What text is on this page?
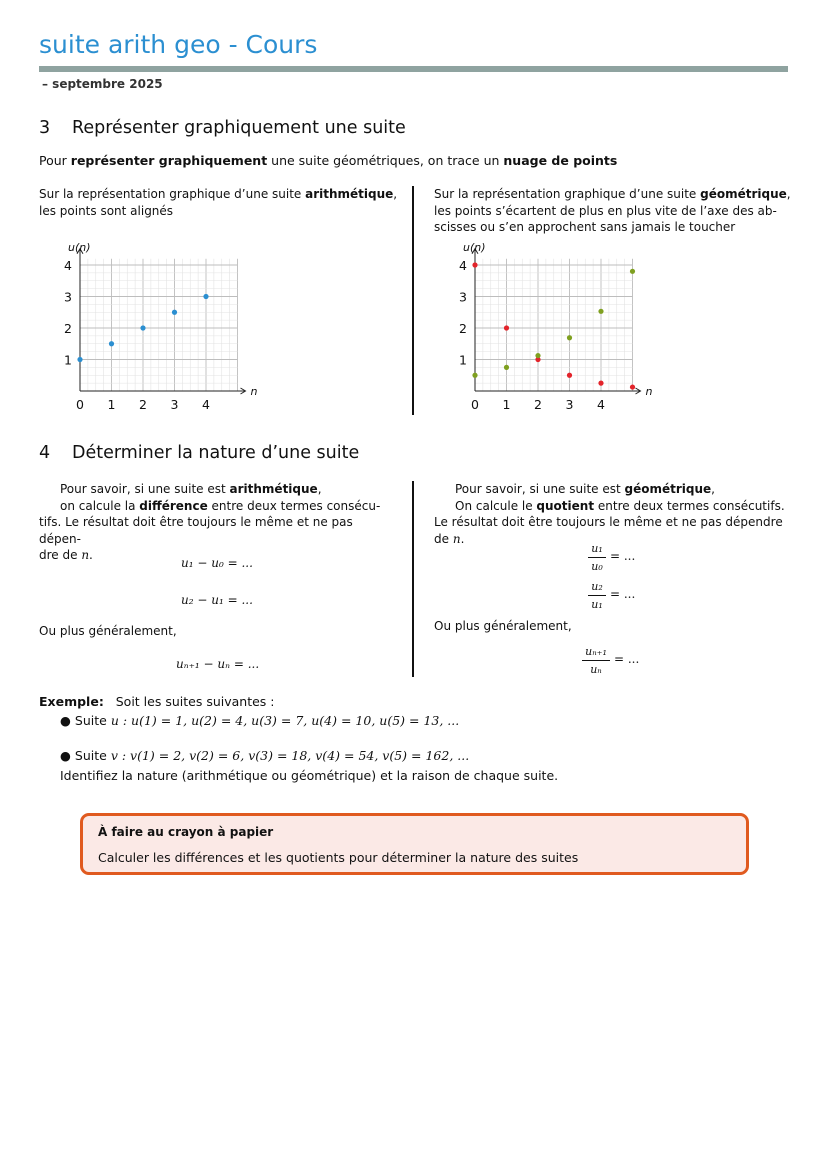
suite arith geo - Cours
– septembre 2025
3 Représenter graphiquement une suite
Pour représenter graphiquement une suite géométriques, on trace un nuage de points
Sur la représentation graphique d’une suite arithmétique,
les points sont alignés
Sur la représentation graphique d’une suite géométrique,
les points s’écartent de plus en plus vite de l’axe des ab-
scisses ou s’en approchent sans jamais le toucher
0 1 2 3 4
1
2
3
4
n
u(n)
0 1 2 3 4
1
2
3
4
n
u(n)
4 Déterminer la nature d’une suite
Pour savoir, si une suite est arithmétique,
on calcule la différence entre deux termes consécu-
tifs. Le résultat doit être toujours le même et ne pas dépen-
dre de n.
u₁ − u₀ = ...
u₂ − u₁ = ...
Ou plus généralement,
uₙ₊₁ − uₙ = ...
Pour savoir, si une suite est géométrique,
On calcule le quotient entre deux termes consécutifs.
Le résultat doit être toujours le même et ne pas dépendre
de n.
u₁
u₀
= ...
u₂
u₁
= ...
Ou plus généralement,
uₙ₊₁
uₙ
= ...
Exemple: Soit les suites suivantes :
● Suite u : u(1) = 1, u(2) = 4, u(3) = 7, u(4) = 10, u(5) = 13, ...
● Suite v : v(1) = 2, v(2) = 6, v(3) = 18, v(4) = 54, v(5) = 162, ...
Identifiez la nature (arithmétique ou géométrique) et la raison de chaque suite.
À faire au crayon à papier
Calculer les différences et les quotients pour déterminer la nature des suites
